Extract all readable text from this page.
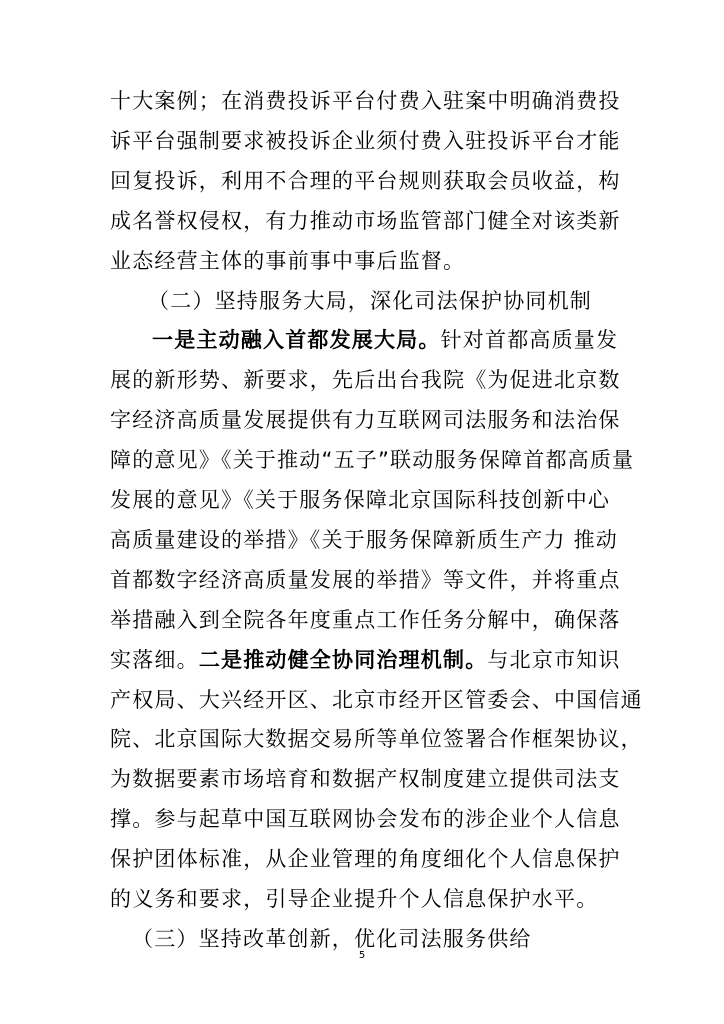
十大案例；在消费投诉平台付费入驻案中明确消费投
诉平台强制要求被投诉企业须付费入驻投诉平台才能
回复投诉，利用不合理的平台规则获取会员收益，构
成名誉权侵权，有力推动市场监管部门健全对该类新
业态经营主体的事前事中事后监督。
（二）坚持服务大局，深化司法保护协同机制
一是主动融入首都发展大局。针对首都高质量发
展的新形势、新要求，先后出台我院《为促进北京数
字经济高质量发展提供有力互联网司法服务和法治保
障的意见》《关于推动“五子”联动服务保障首都高质量
发展的意见》《关于服务保障北京国际科技创新中心
高质量建设的举措》《关于服务保障新质生产力 推动
首都数字经济高质量发展的举措》等文件，并将重点
举措融入到全院各年度重点工作任务分解中，确保落
实落细。二是推动健全协同治理机制。与北京市知识
产权局、大兴经开区、北京市经开区管委会、中国信通
院、北京国际大数据交易所等单位签署合作框架协议，
为数据要素市场培育和数据产权制度建立提供司法支
撑。参与起草中国互联网协会发布的涉企业个人信息
保护团体标准，从企业管理的角度细化个人信息保护
的义务和要求，引导企业提升个人信息保护水平。
（三）坚持改革创新，优化司法服务供给
5
